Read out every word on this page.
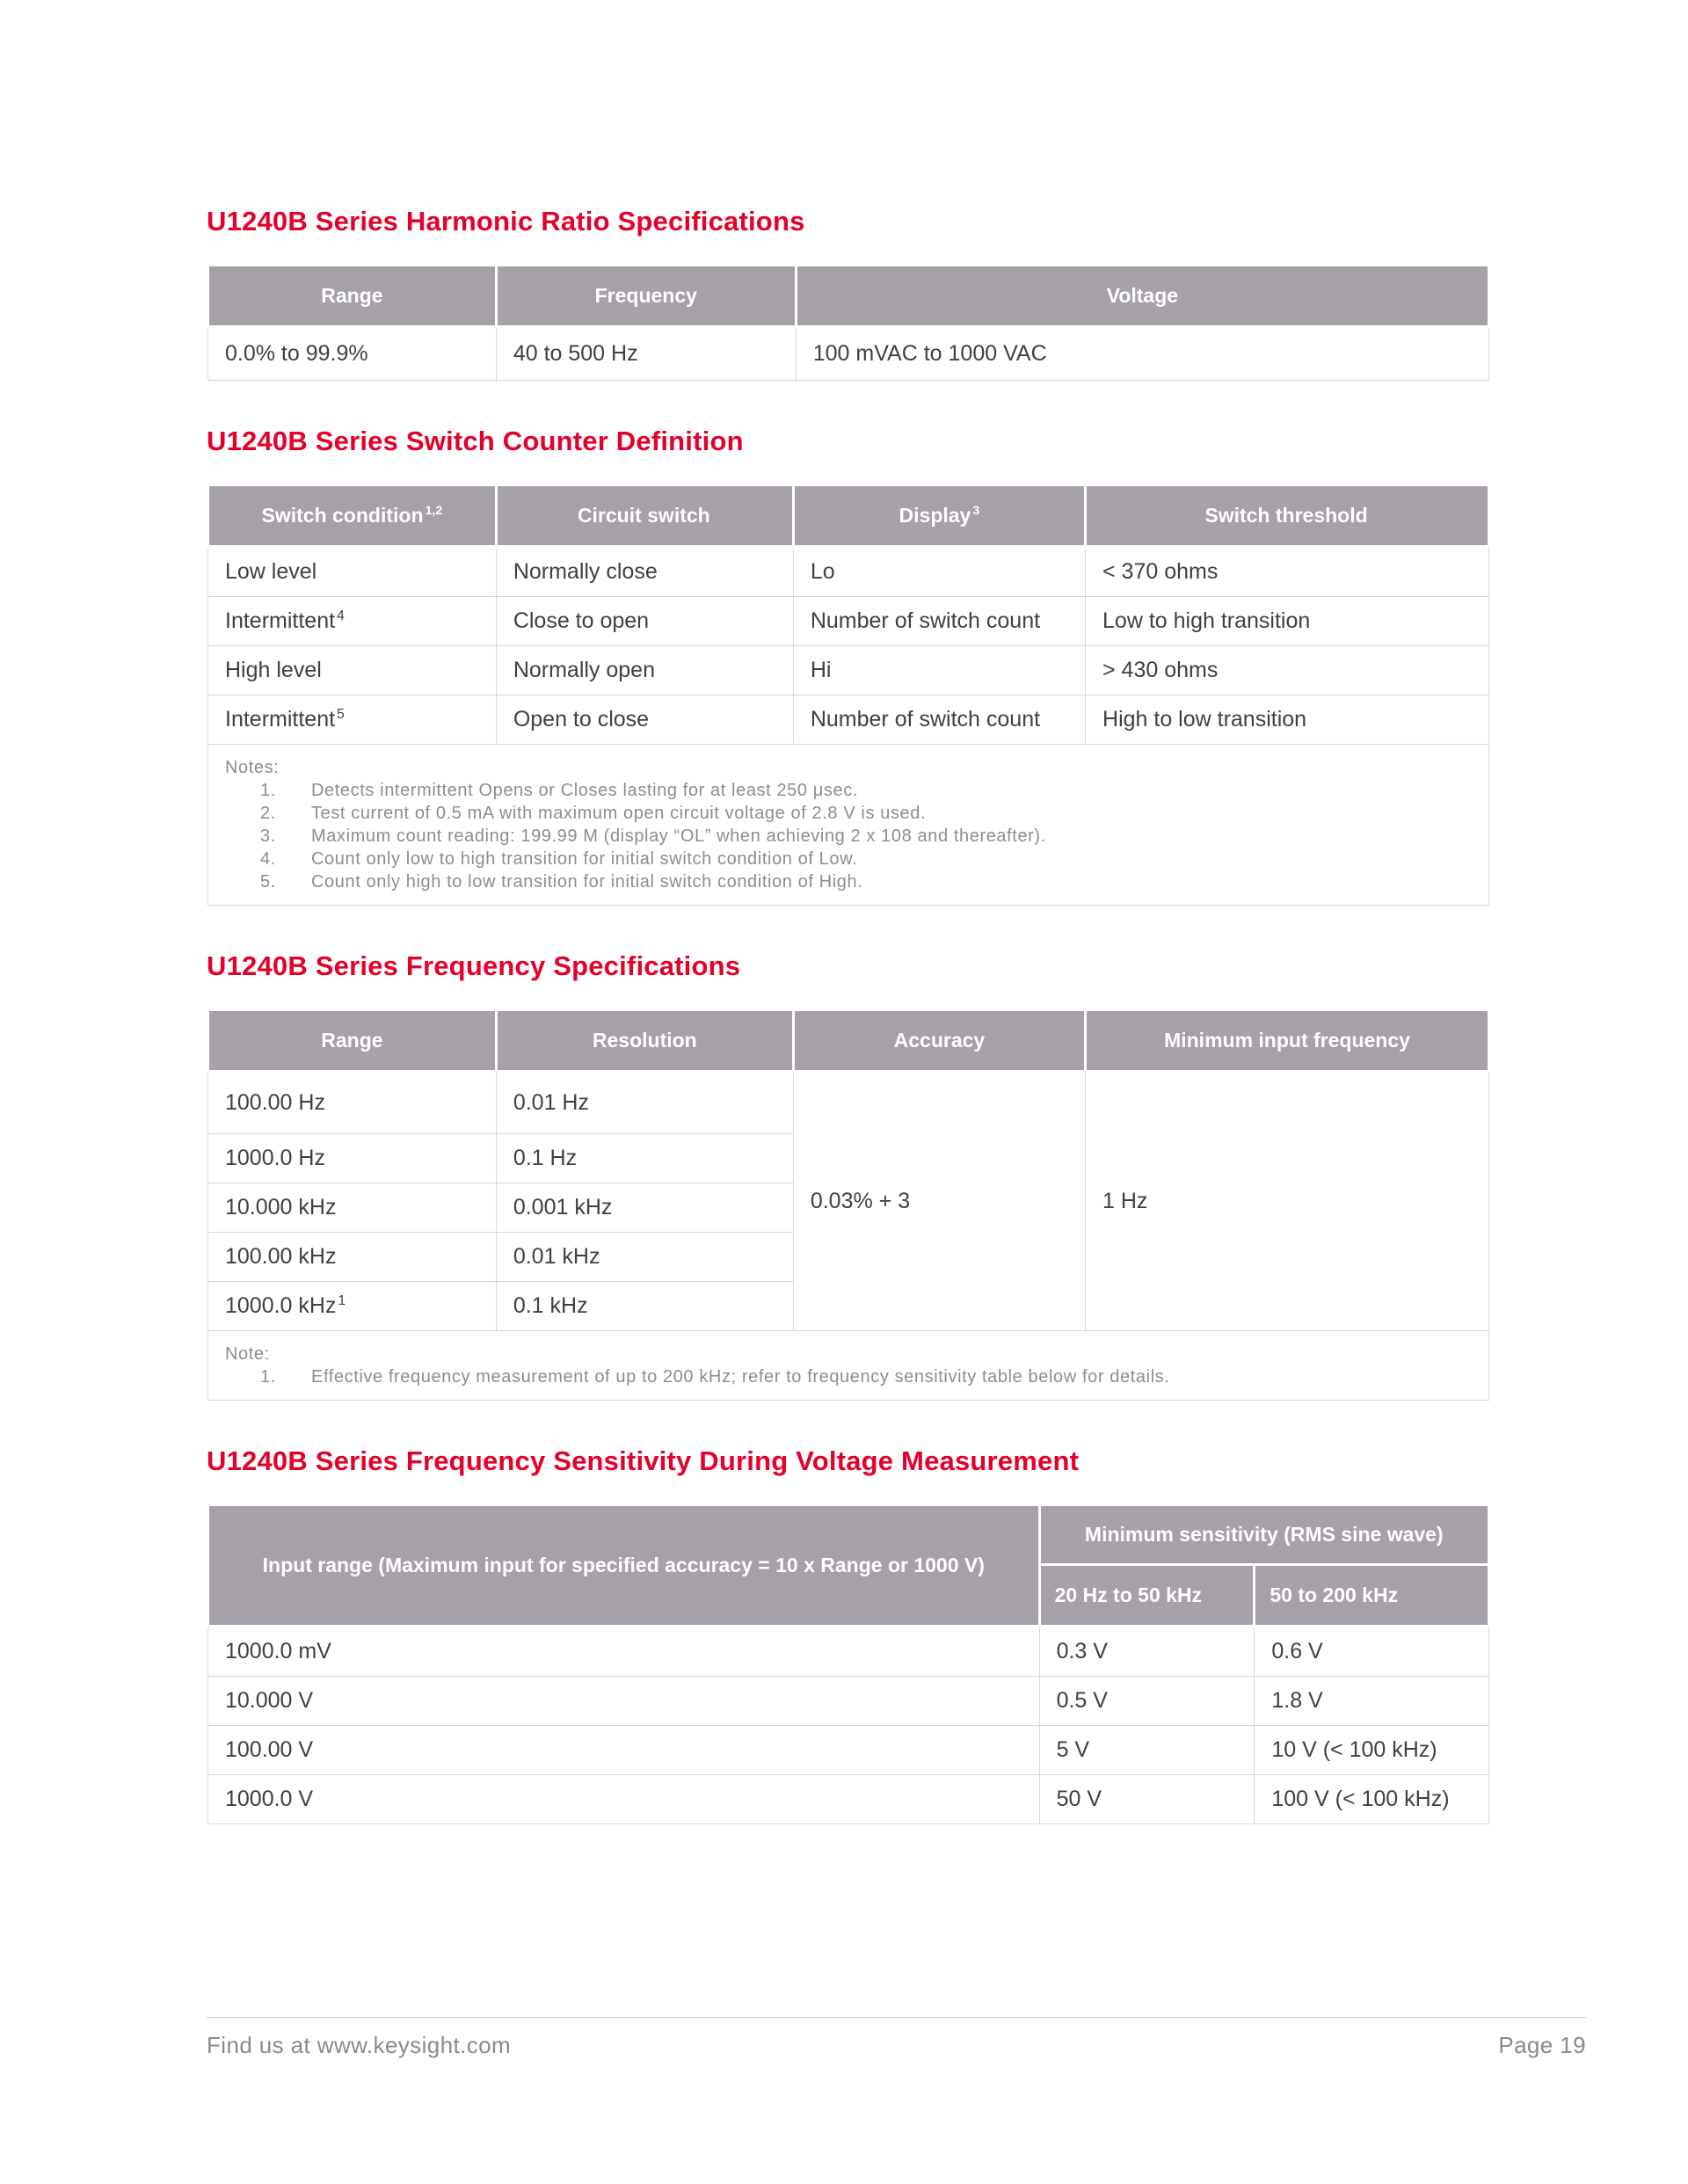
U1240B Series Harmonic Ratio Specifications
Range	Frequency	Voltage
0.0% to 99.9%	40 to 500 Hz	100 mVAC to 1000 VAC
U1240B Series Switch Counter Definition
Switch condition $^{1,2}$	Circuit switch	Display $^3$	Switch threshold
Low level	Normally close	Lo	< 370 ohms
Intermittent $^4$	Close to open	Number of switch count	Low to high transition
High level	Normally open	Hi	> 430 ohms
Intermittent $^5$	Open to close	Number of switch count	High to low transition

Notes:
1.	Detects intermittent Opens or Closes lasting for at least 250 μsec.
2.	Test current of 0.5 mA with maximum open circuit voltage of 2.8 V is used.
3.	Maximum count reading: 199.99 M (display “OL” when achieving 2 x 108 and thereafter).
4.	Count only low to high transition for initial switch condition of Low.
5.	Count only high to low transition for initial switch condition of High.
U1240B Series Frequency Specifications
Range	Resolution	Accuracy	Minimum input frequency
100.00 Hz	0.01 Hz	0.03% + 3	1 Hz
1000.0 Hz	0.1 Hz		
10.000 kHz	0.001 kHz		
100.00 kHz	0.01 kHz		
1000.0 kHz $^1$	0.1 kHz		

Note:
1. Effective frequency measurement of up to 200 kHz; refer to frequency sensitivity table below for details.			
U1240B Series Frequency Sensitivity During Voltage Measurement
Input range (Maximum input for specified accuracy = 10 x Range or 1000 V)	Minimum sensitivity (RMS sine wave)	
	20 Hz to 50 kHz	50 to 200 kHz
1000.0 mV	0.3 V	0.6 V
10.000 V	0.5 V	1.8 V
100.00 V	5 V	10 V (< 100 kHz)
1000.0 V	50 V	100 V (< 100 kHz)
Find us at www.keysight.com	Page 19
